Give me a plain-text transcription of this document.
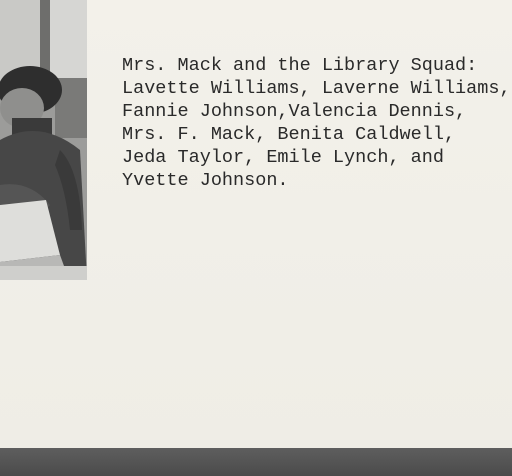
Mrs. Mack and the Library Squad:
Lavette Williams, Laverne Williams,
Fannie Johnson,Valencia Dennis,
Mrs. F. Mack, Benita Caldwell,
Jeda Taylor, Emile Lynch, and
Yvette Johnson.
